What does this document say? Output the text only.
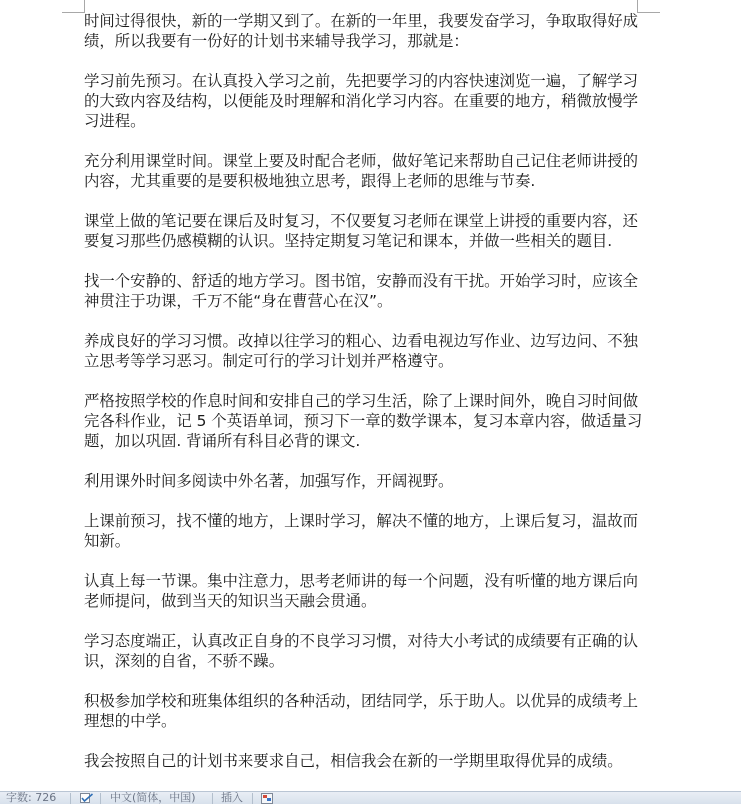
时间过得很快，新的一学期又到了。在新的一年里，我要发奋学习，争取取得好成绩，所以我要有一份好的计划书来辅导我学习，那就是：

学习前先预习。在认真投入学习之前，先把要学习的内容快速浏览一遍，了解学习的大致内容及结构，以便能及时理解和消化学习内容。在重要的地方，稍微放慢学习进程。

充分利用课堂时间。课堂上要及时配合老师，做好笔记来帮助自己记住老师讲授的内容，尤其重要的是要积极地独立思考，跟得上老师的思维与节奏.

课堂上做的笔记要在课后及时复习，不仅要复习老师在课堂上讲授的重要内容，还要复习那些仍感模糊的认识。坚持定期复习笔记和课本，并做一些相关的题目.

找一个安静的、舒适的地方学习。图书馆，安静而没有干扰。开始学习时，应该全神贯注于功课，千万不能“身在曹营心在汉”。

养成良好的学习习惯。改掉以往学习的粗心、边看电视边写作业、边写边问、不独立思考等学习恶习。制定可行的学习计划并严格遵守。

严格按照学校的作息时间和安排自己的学习生活，除了上课时间外，晚自习时间做完各科作业，记 5 个英语单词，预习下一章的数学课本，复习本章内容，做适量习题，加以巩固. 背诵所有科目必背的课文.

利用课外时间多阅读中外名著，加强写作，开阔视野。

上课前预习，找不懂的地方，上课时学习，解决不懂的地方，上课后复习，温故而知新。

认真上每一节课。集中注意力，思考老师讲的每一个问题，没有听懂的地方课后向老师提问，做到当天的知识当天融会贯通。

学习态度端正，认真改正自身的不良学习习惯，对待大小考试的成绩要有正确的认识，深刻的自省，不骄不躁。

积极参加学校和班集体组织的各种活动，团结同学，乐于助人。以优异的成绩考上理想的中学。

我会按照自己的计划书来要求自己，相信我会在新的一学期里取得优异的成绩。

字数: 726	中文(简体，中国) 插入
